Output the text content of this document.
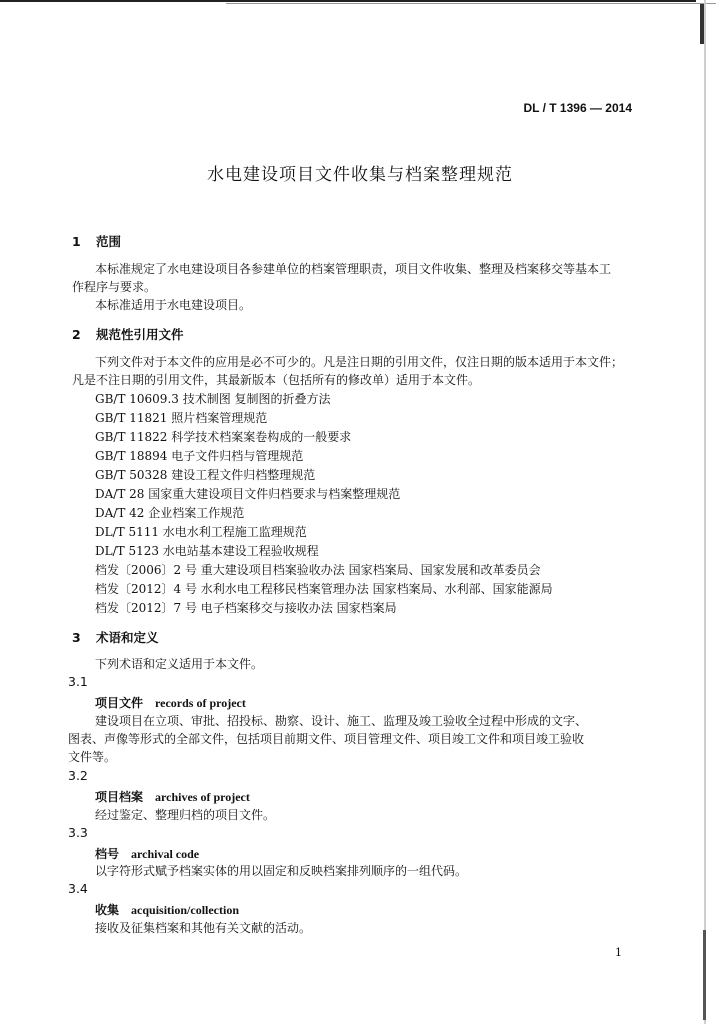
DL / T 1396 — 2014
水电建设项目文件收集与档案整理规范
1 范围
本标准规定了水电建设项目各参建单位的档案管理职责，项目文件收集、整理及档案移交等基本工
作程序与要求。
本标准适用于水电建设项目。
2 规范性引用文件
下列文件对于本文件的应用是必不可少的。凡是注日期的引用文件，仅注日期的版本适用于本文件；
凡是不注日期的引用文件，其最新版本（包括所有的修改单）适用于本文件。
GB/T 10609.3 技术制图 复制图的折叠方法
GB/T 11821 照片档案管理规范
GB/T 11822 科学技术档案案卷构成的一般要求
GB/T 18894 电子文件归档与管理规范
GB/T 50328 建设工程文件归档整理规范
DA/T 28 国家重大建设项目文件归档要求与档案整理规范
DA/T 42 企业档案工作规范
DL/T 5111 水电水利工程施工监理规范
DL/T 5123 水电站基本建设工程验收规程
档发〔2006〕2 号 重大建设项目档案验收办法 国家档案局、国家发展和改革委员会
档发〔2012〕4 号 水利水电工程移民档案管理办法 国家档案局、水利部、国家能源局
档发〔2012〕7 号 电子档案移交与接收办法 国家档案局
3 术语和定义
下列术语和定义适用于本文件。
3.1
项目文件 records of project
建设项目在立项、审批、招投标、勘察、设计、施工、监理及竣工验收全过程中形成的文字、
图表、声像等形式的全部文件，包括项目前期文件、项目管理文件、项目竣工文件和项目竣工验收
文件等。
3.2
项目档案 archives of project
经过鉴定、整理归档的项目文件。
3.3
档号 archival code
以字符形式赋予档案实体的用以固定和反映档案排列顺序的一组代码。
3.4
收集 acquisition/collection
接收及征集档案和其他有关文献的活动。
1
